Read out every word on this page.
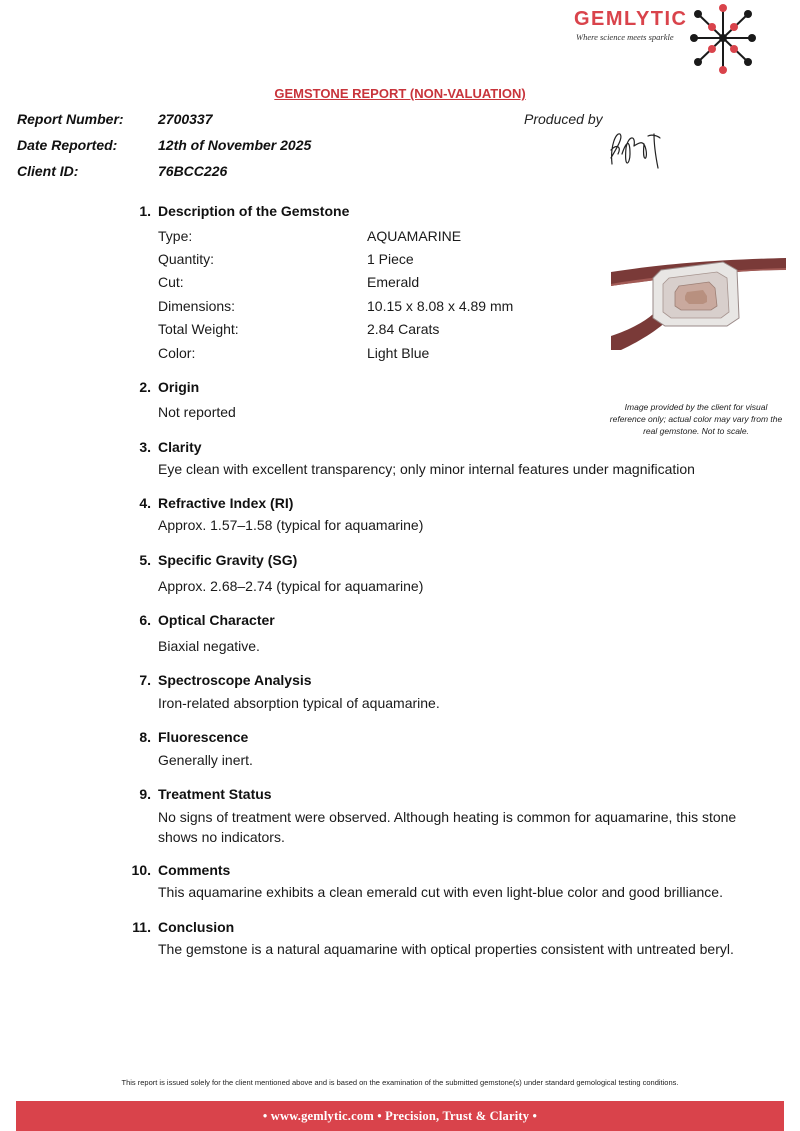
GEMLYTIC
Where science meets sparkle
GEMSTONE REPORT (NON-VALUATION)
Report Number: 2700337
Date Reported:	12th of November 2025
Client ID:	76BCC226
Produced by
1. Description of the Gemstone
Type:	AQUAMARINE
Quantity:	1 Piece
Cut:	Emerald
Dimensions:	10.15 x 8.08 x 4.89 mm
Total Weight:	2.84 Carats
Color:	Light Blue
Image provided by the client for visual reference only; actual color may vary from the real gemstone. Not to scale.
2. Origin
Not reported
3. Clarity
Eye clean with excellent transparency; only minor internal features under magnification
4. Refractive Index (RI)
Approx. 1.57–1.58 (typical for aquamarine)
5. Specific Gravity (SG)
Approx. 2.68–2.74 (typical for aquamarine)
6. Optical Character
Biaxial negative.
7. Spectroscope Analysis
Iron-related absorption typical of aquamarine.
8. Fluorescence
Generally inert.
9. Treatment Status
No signs of treatment were observed. Although heating is common for aquamarine, this stone shows no indicators.
10. Comments
This aquamarine exhibits a clean emerald cut with even light-blue color and good brilliance.
11. Conclusion
The gemstone is a natural aquamarine with optical properties consistent with untreated beryl.
This report is issued solely for the client mentioned above and is based on the examination of the submitted gemstone(s) under standard gemological testing conditions.
• www.gemlytic.com • Precision, Trust & Clarity •
